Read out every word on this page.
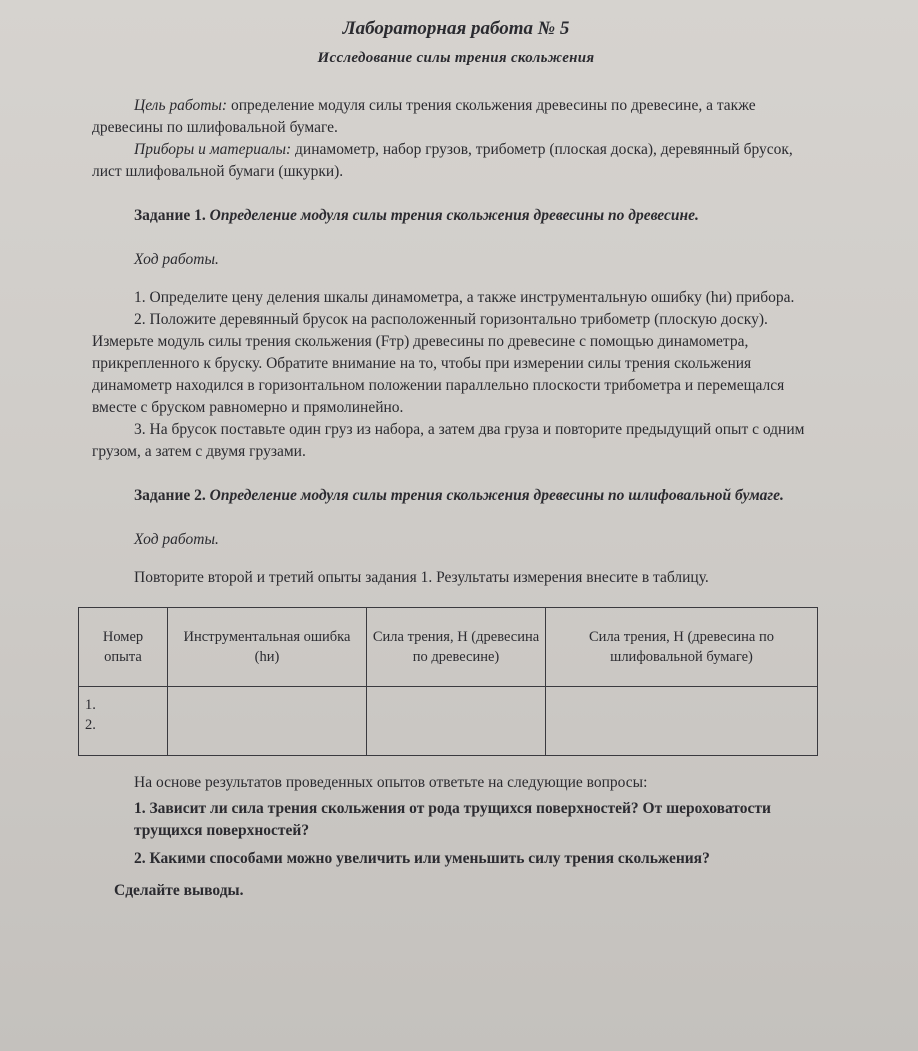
Лабораторная работа № 5
Исследование силы трения скольжения

Цель работы: определение модуля силы трения скольжения древесины по древесине, а также древесины по шлифовальной бумаге.

Приборы и материалы: динамометр, набор грузов, трибометр (плоская доска), деревянный брусок, лист шлифовальной бумаги (шкурки).

Задание 1. Определение модуля силы трения скольжения древесины по древесине.

Ход работы.

1. Определите цену деления шкалы динамометра, а также инструментальную ошибку (hи) прибора.

2. Положите деревянный брусок на расположенный горизонтально трибометр (плоскую доску). Измерьте модуль силы трения скольжения (Fтр) древесины по древесине с помощью динамометра, прикрепленного к бруску. Обратите внимание на то, чтобы при измерении силы трения скольжения динамометр находился в горизонтальном положении параллельно плоскости трибометра и перемещался вместе с бруском равномерно и прямолинейно.

3. На брусок поставьте один груз из набора, а затем два груза и повторите предыдущий опыт с одним грузом, а затем с двумя грузами.

Задание 2. Определение модуля силы трения скольжения древесины по шлифовальной бумаге.

Ход работы.

Повторите второй и третий опыты задания 1. Результаты измерения внесите в таблицу.

Номер опыта	Инструментальная ошибка (hи)	Сила трения, Н (древесина по древесине)	Сила трения, Н (древесина по шлифовальной бумаге)

1.
2.			

На основе результатов проведенных опытов ответьте на следующие вопросы:

1. Зависит ли сила трения скольжения от рода трущихся поверхностей? От шероховатости трущихся поверхностей?

2. Какими способами можно увеличить или уменьшить силу трения скольжения?

Сделайте выводы.
